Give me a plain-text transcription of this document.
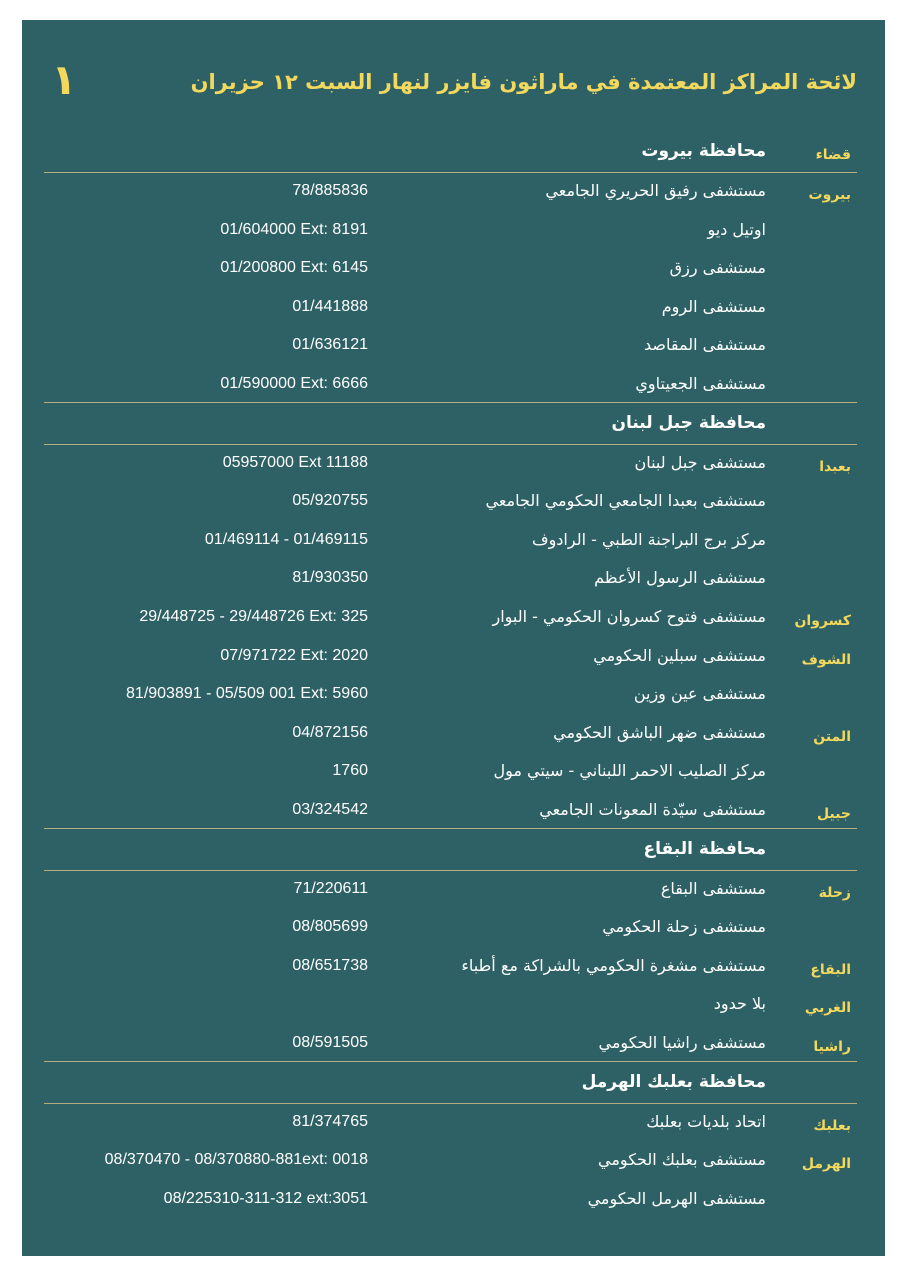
لائحة المراكز المعتمدة في ماراثون فايزر لنهار السبت ١٢ حزيران
١
قضاء
محافظة بيروت
بيروت
مستشفى رفيق الحريري الجامعي
78/885836
اوتيل ديو
01/604000 Ext: 8191
مستشفى رزق
01/200800 Ext: 6145
مستشفى الروم
01/441888
مستشفى المقاصد
01/636121
مستشفى الجعيتاوي
01/590000 Ext: 6666
محافظة جبل لبنان
بعبدا
مستشفى جبل لبنان
05957000 Ext 11188
مستشفى بعبدا الجامعي الحكومي الجامعي
05/920755
مركز برج البراجنة الطبي - الرادوف
01/469114 - 01/469115
مستشفى الرسول الأعظم
81/930350
كسروان
مستشفى فتوح كسروان الحكومي - البوار
29/448725 - 29/448726 Ext: 325
الشوف
مستشفى سبلين الحكومي
07/971722 Ext: 2020
مستشفى عين وزين
81/903891 - 05/509 001 Ext: 5960
المتن
مستشفى ضهر الباشق الحكومي
04/872156
مركز الصليب الاحمر اللبناني - سيتي مول
1760
جبيل
مستشفى سيّدة المعونات الجامعي
03/324542
محافظة البقاع
زحلة
مستشفى البقاع
71/220611
مستشفى زحلة الحكومي
08/805699
البقاع
مستشفى مشغرة الحكومي بالشراكة مع أطباء
08/651738
الغربي
بلا حدود
راشيا
مستشفى راشيا الحكومي
08/591505
محافظة بعلبك الهرمل
بعلبك
اتحاد بلديات بعلبك
81/374765
الهرمل
مستشفى بعلبك الحكومي
08/370470 - 08/370880-881ext: 0018
مستشفى الهرمل الحكومي
08/225310-311-312 ext:3051
